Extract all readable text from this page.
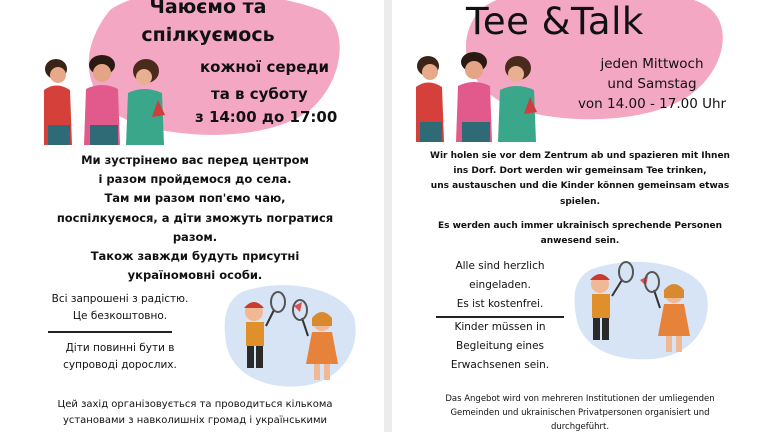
Чаюємо та
спілкуємось
кожної середи
та в суботу
з 14:00 до 17:00
Ми зустрінемо вас перед центром
і разом пройдемося до села.
Там ми разом поп'ємо чаю,
поспілкуємося, а діти зможуть погратися
разом.
Також завжди будуть присутні
україномовні особи.
Всі запрошені з радістю.
Це безкоштовно.
Діти повинні бути в
супроводі дорослих.
Цей захід організовується та проводиться кількома
установами з навколишніх громад і українськими
Tee &Talk
jeden Mittwoch
und Samstag
von 14.00 - 17.00 Uhr
Wir holen sie vor dem Zentrum ab und spazieren mit Ihnen
ins Dorf. Dort werden wir gemeinsam Tee trinken,
uns austauschen und die Kinder können gemeinsam etwas
spielen.
Es werden auch immer ukrainisch sprechende Personen
anwesend sein.
Alle sind herzlich
eingeladen.
Es ist kostenfrei.
Kinder müssen in
Begleitung eines
Erwachsenen sein.
Das Angebot wird von mehreren Institutionen der umliegenden
Gemeinden und ukrainischen Privatpersonen organisiert und
durchgeführt.
